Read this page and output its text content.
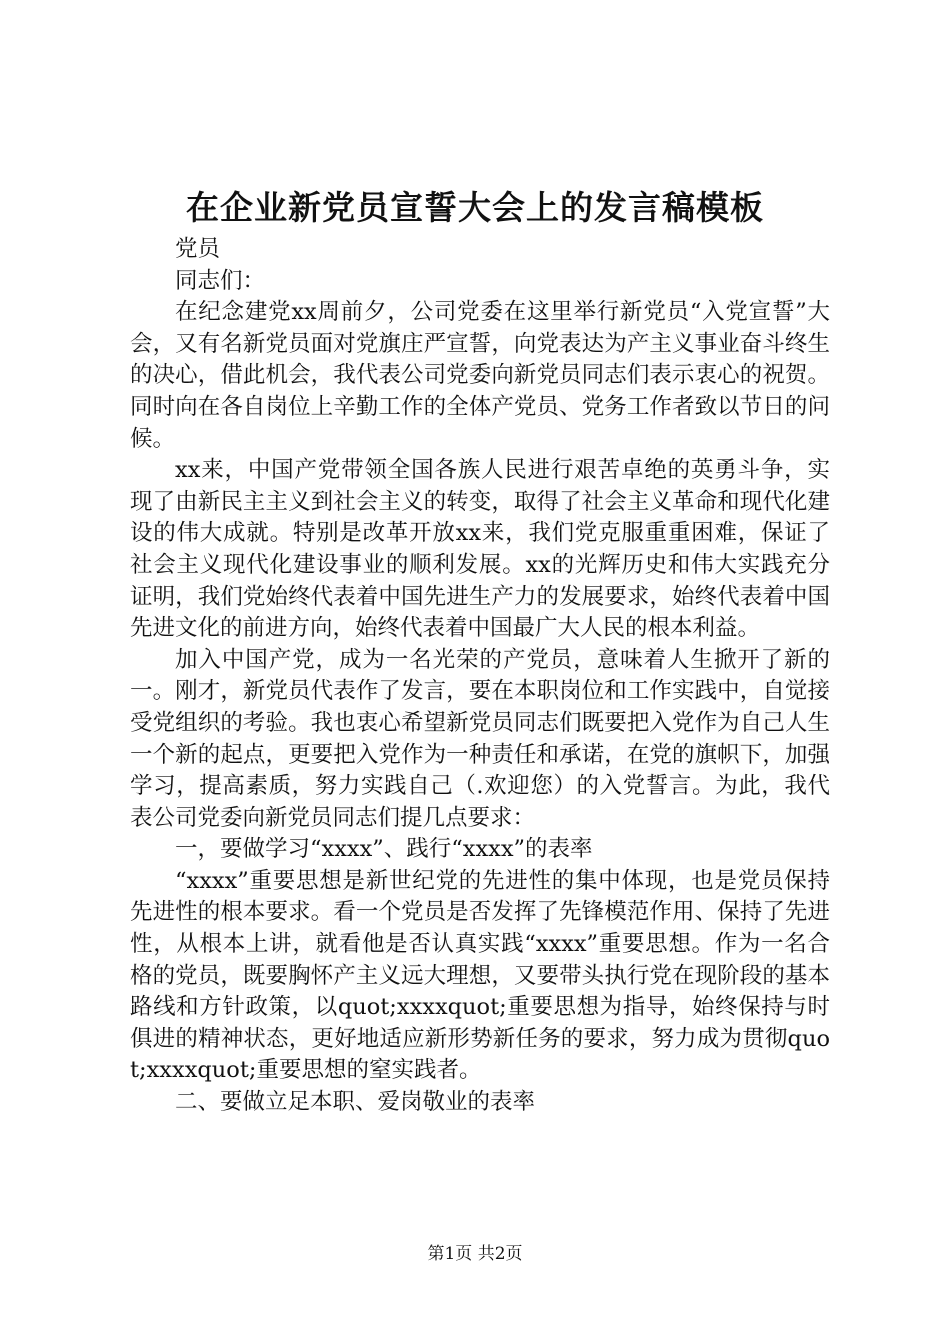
在企业新党员宣誓大会上的发言稿模板

党员

同志们：

在纪念建党xx周前夕，公司党委在这里举行新党员“入党宣誓”大会，又有名新党员面对党旗庄严宣誓，向党表达为产主义事业奋斗终生的决心，借此机会，我代表公司党委向新党员同志们表示衷心的祝贺。同时向在各自岗位上辛勤工作的全体产党员、党务工作者致以节日的问候。

xx来，中国产党带领全国各族人民进行艰苦卓绝的英勇斗争，实现了由新民主主义到社会主义的转变，取得了社会主义革命和现代化建设的伟大成就。特别是改革开放xx来，我们党克服重重困难，保证了社会主义现代化建设事业的顺利发展。xx的光辉历史和伟大实践充分证明，我们党始终代表着中国先进生产力的发展要求，始终代表着中国先进文化的前进方向，始终代表着中国最广大人民的根本利益。

加入中国产党，成为一名光荣的产党员，意味着人生掀开了新的一。刚才，新党员代表作了发言，要在本职岗位和工作实践中，自觉接受党组织的考验。我也衷心希望新党员同志们既要把入党作为自己人生一个新的起点，更要把入党作为一种责任和承诺，在党的旗帜下，加强学习，提高素质，努力实践自己（.欢迎您）的入党誓言。为此，我代表公司党委向新党员同志们提几点要求：

一，要做学习“xxxx”、践行“xxxx”的表率

“xxxx”重要思想是新世纪党的先进性的集中体现，也是党员保持先进性的根本要求。看一个党员是否发挥了先锋模范作用、保持了先进性，从根本上讲，就看他是否认真实践“xxxx”重要思想。作为一名合格的党员，既要胸怀产主义远大理想，又要带头执行党在现阶段的基本路线和方针政策，以quot;xxxxquot;重要思想为指导，始终保持与时俱进的精神状态，更好地适应新形势新任务的要求，努力成为贯彻quot;xxxxquot;重要思想的窒实践者。

二、要做立足本职、爱岗敬业的表率

第1页 共2页
